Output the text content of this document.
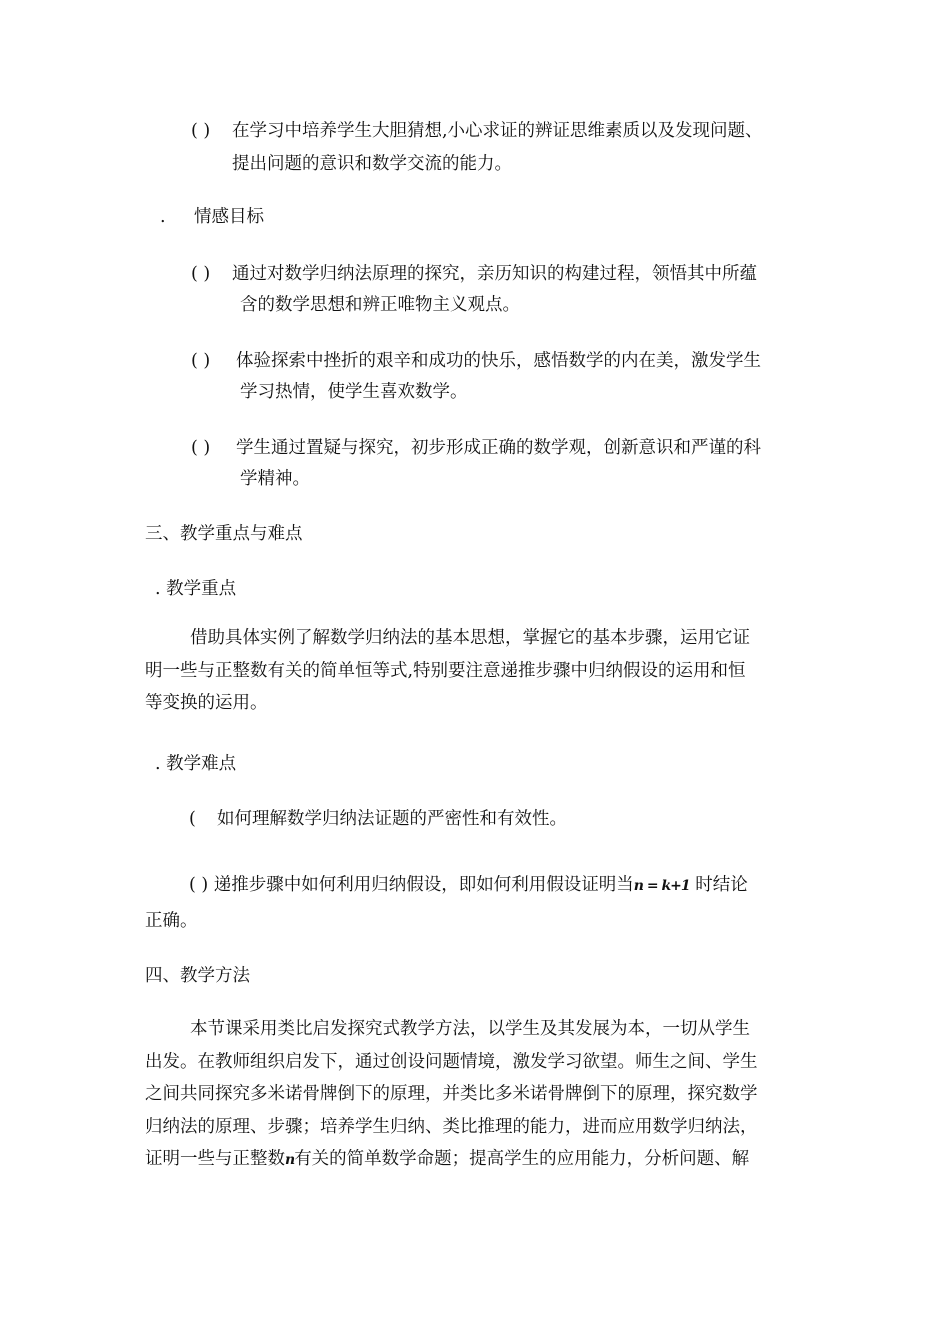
( ) 在学习中培养学生大胆猜想,小心求证的辨证思维素质以及发现问题、
提出问题的意识和数学交流的能力。
. 情感目标
( ) 通过对数学归纳法原理的探究，亲历知识的构建过程，领悟其中所蕴
含的数学思想和辨正唯物主义观点。
( ) 体验探索中挫折的艰辛和成功的快乐，感悟数学的内在美，激发学生
学习热情，使学生喜欢数学。
( ) 学生通过置疑与探究，初步形成正确的数学观，创新意识和严谨的科
学精神。
三、教学重点与难点
. 教学重点
借助具体实例了解数学归纳法的基本思想，掌握它的基本步骤，运用它证
明一些与正整数有关的简单恒等式,特别要注意递推步骤中归纳假设的运用和恒
等变换的运用。
. 教学难点
( 如何理解数学归纳法证题的严密性和有效性。
( ) 递推步骤中如何利用归纳假设，即如何利用假设证明当n = k+1 时结论
正确。
四、教学方法
本节课采用类比启发探究式教学方法，以学生及其发展为本，一切从学生
出发。在教师组织启发下，通过创设问题情境，激发学习欲望。师生之间、学生
之间共同探究多米诺骨牌倒下的原理，并类比多米诺骨牌倒下的原理，探究数学
归纳法的原理、步骤；培养学生归纳、类比推理的能力，进而应用数学归纳法，
证明一些与正整数n有关的简单数学命题；提高学生的应用能力，分析问题、解
